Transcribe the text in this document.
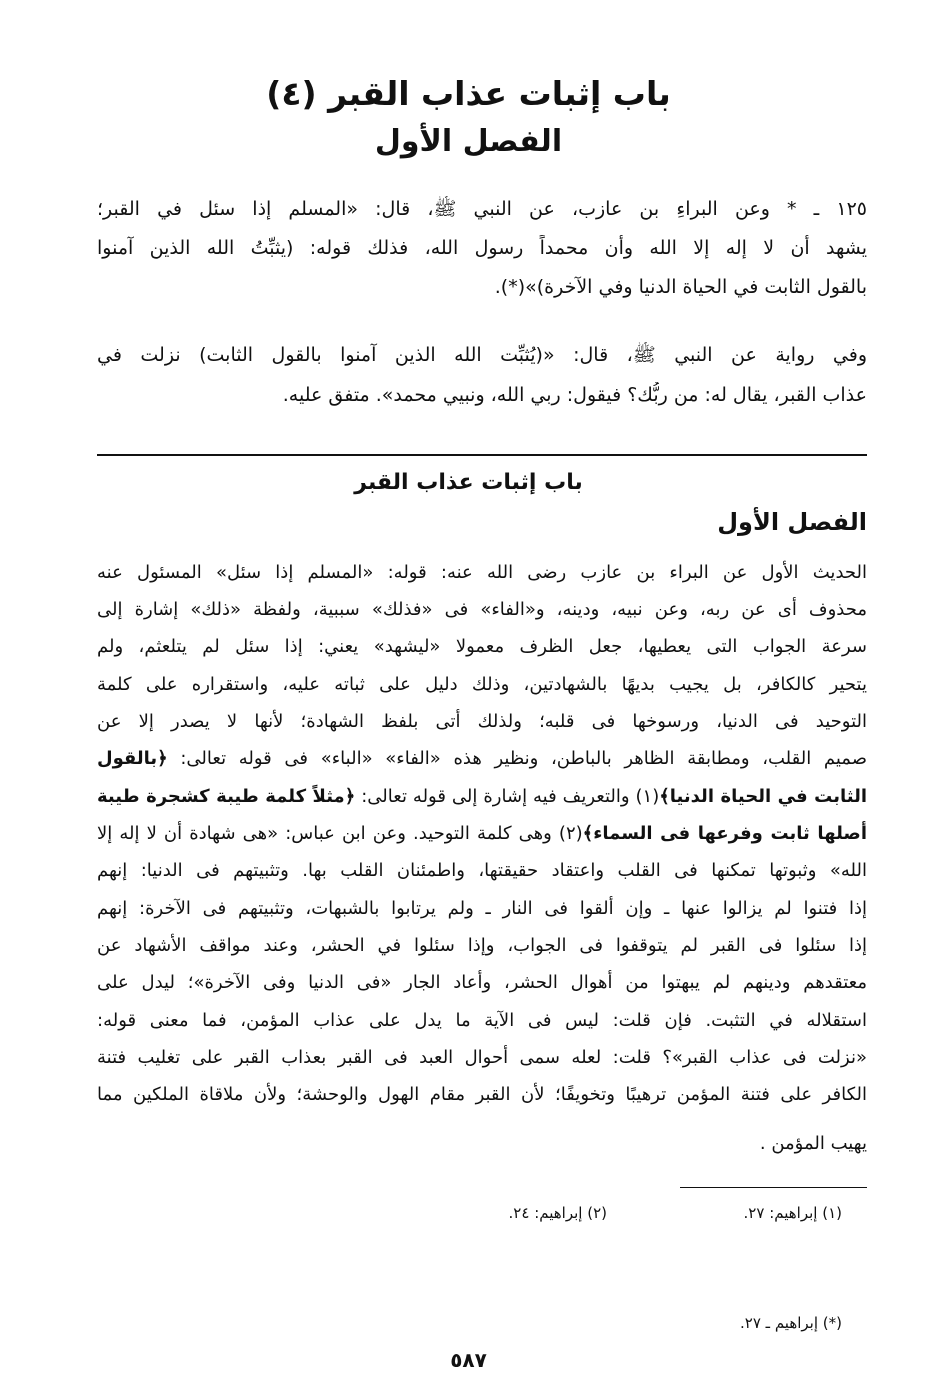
(٤) باب إثبات عذاب القبر
الفصل الأول
١٢٥ ـ * وعن البراءِ بن عازب، عن النبي ﷺ، قال: «المسلم إذا سئل في القبر؛
يشهد أن لا إله إلا الله وأن محمداً رسول الله، فذلك قوله: (يثبِّتُ الله الذين آمنوا
بالقول الثابت في الحياة الدنيا وفي الآخرة)»(*).
وفي رواية عن النبي ﷺ، قال: «(يُثبِّت الله الذين آمنوا بالقول الثابت) نزلت في
عذاب القبر، يقال له: من ربُّك؟ فيقول: ربي الله، ونبيي محمد». متفق عليه.
باب إثبات عذاب القبر
الفصل الأول
الحديث الأول عن البراء بن عازب رضى الله عنه: قوله: «المسلم إذا سئل» المسئول عنه
محذوف أى عن ربه، وعن نبيه، ودينه، و«الفاء» فى «فذلك» سببية، ولفظة «ذلك» إشارة إلى
سرعة الجواب التى يعطيها، جعل الظرف معمولا «ليشهد» يعني: إذا سئل لم يتلعثم، ولم
يتحير كالكافر، بل يجيب بديهًا بالشهادتين، وذلك دليل على ثباته عليه، واستقراره على كلمة
التوحيد فى الدنيا، ورسوخها فى قلبه؛ ولذلك أتى بلفظ الشهادة؛ لأنها لا يصدر إلا عن
صميم القلب، ومطابقة الظاهر بالباطن، ونظير هذه «الفاء» «الباء» فى قوله تعالى: ﴿بالقول
الثابت في الحياة الدنيا﴾(١) والتعريف فيه إشارة إلى قوله تعالى: ﴿مثلاً كلمة طيبة كشجرة طيبة
أصلها ثابت وفرعها فى السماء﴾(٢) وهى كلمة التوحيد. وعن ابن عباس: «هى شهادة أن لا إله إلا
الله» وثبوتها تمكنها فى القلب واعتقاد حقيقتها، واطمئنان القلب بها. وتثبيتهم فى الدنيا: إنهم
إذا فتنوا لم يزالوا عنها ـ وإن ألقوا فى النار ـ ولم يرتابوا بالشبهات، وتثبيتهم فى الآخرة: إنهم
إذا سئلوا فى القبر لم يتوقفوا فى الجواب، وإذا سئلوا في الحشر، وعند مواقف الأشهاد عن
معتقدهم ودينهم لم يبهتوا من أهوال الحشر، وأعاد الجار «فى الدنيا وفى الآخرة»؛ ليدل على
استقلاله في التثبت. فإن قلت: ليس فى الآية ما يدل على عذاب المؤمن، فما معنى قوله:
«نزلت فى عذاب القبر»؟ قلت: لعله سمى أحوال العبد فى القبر بعذاب القبر على تغليب فتنة
الكافر على فتنة المؤمن ترهيبًا وتخويفًا؛ لأن القبر مقام الهول والوحشة؛ ولأن ملاقاة الملكين مما
يهيب المؤمن .
(١) إبراهيم: ٢٧.
(٢) إبراهيم: ٢٤.
(*) إبراهيم ـ ٢٧.
٥٨٧
